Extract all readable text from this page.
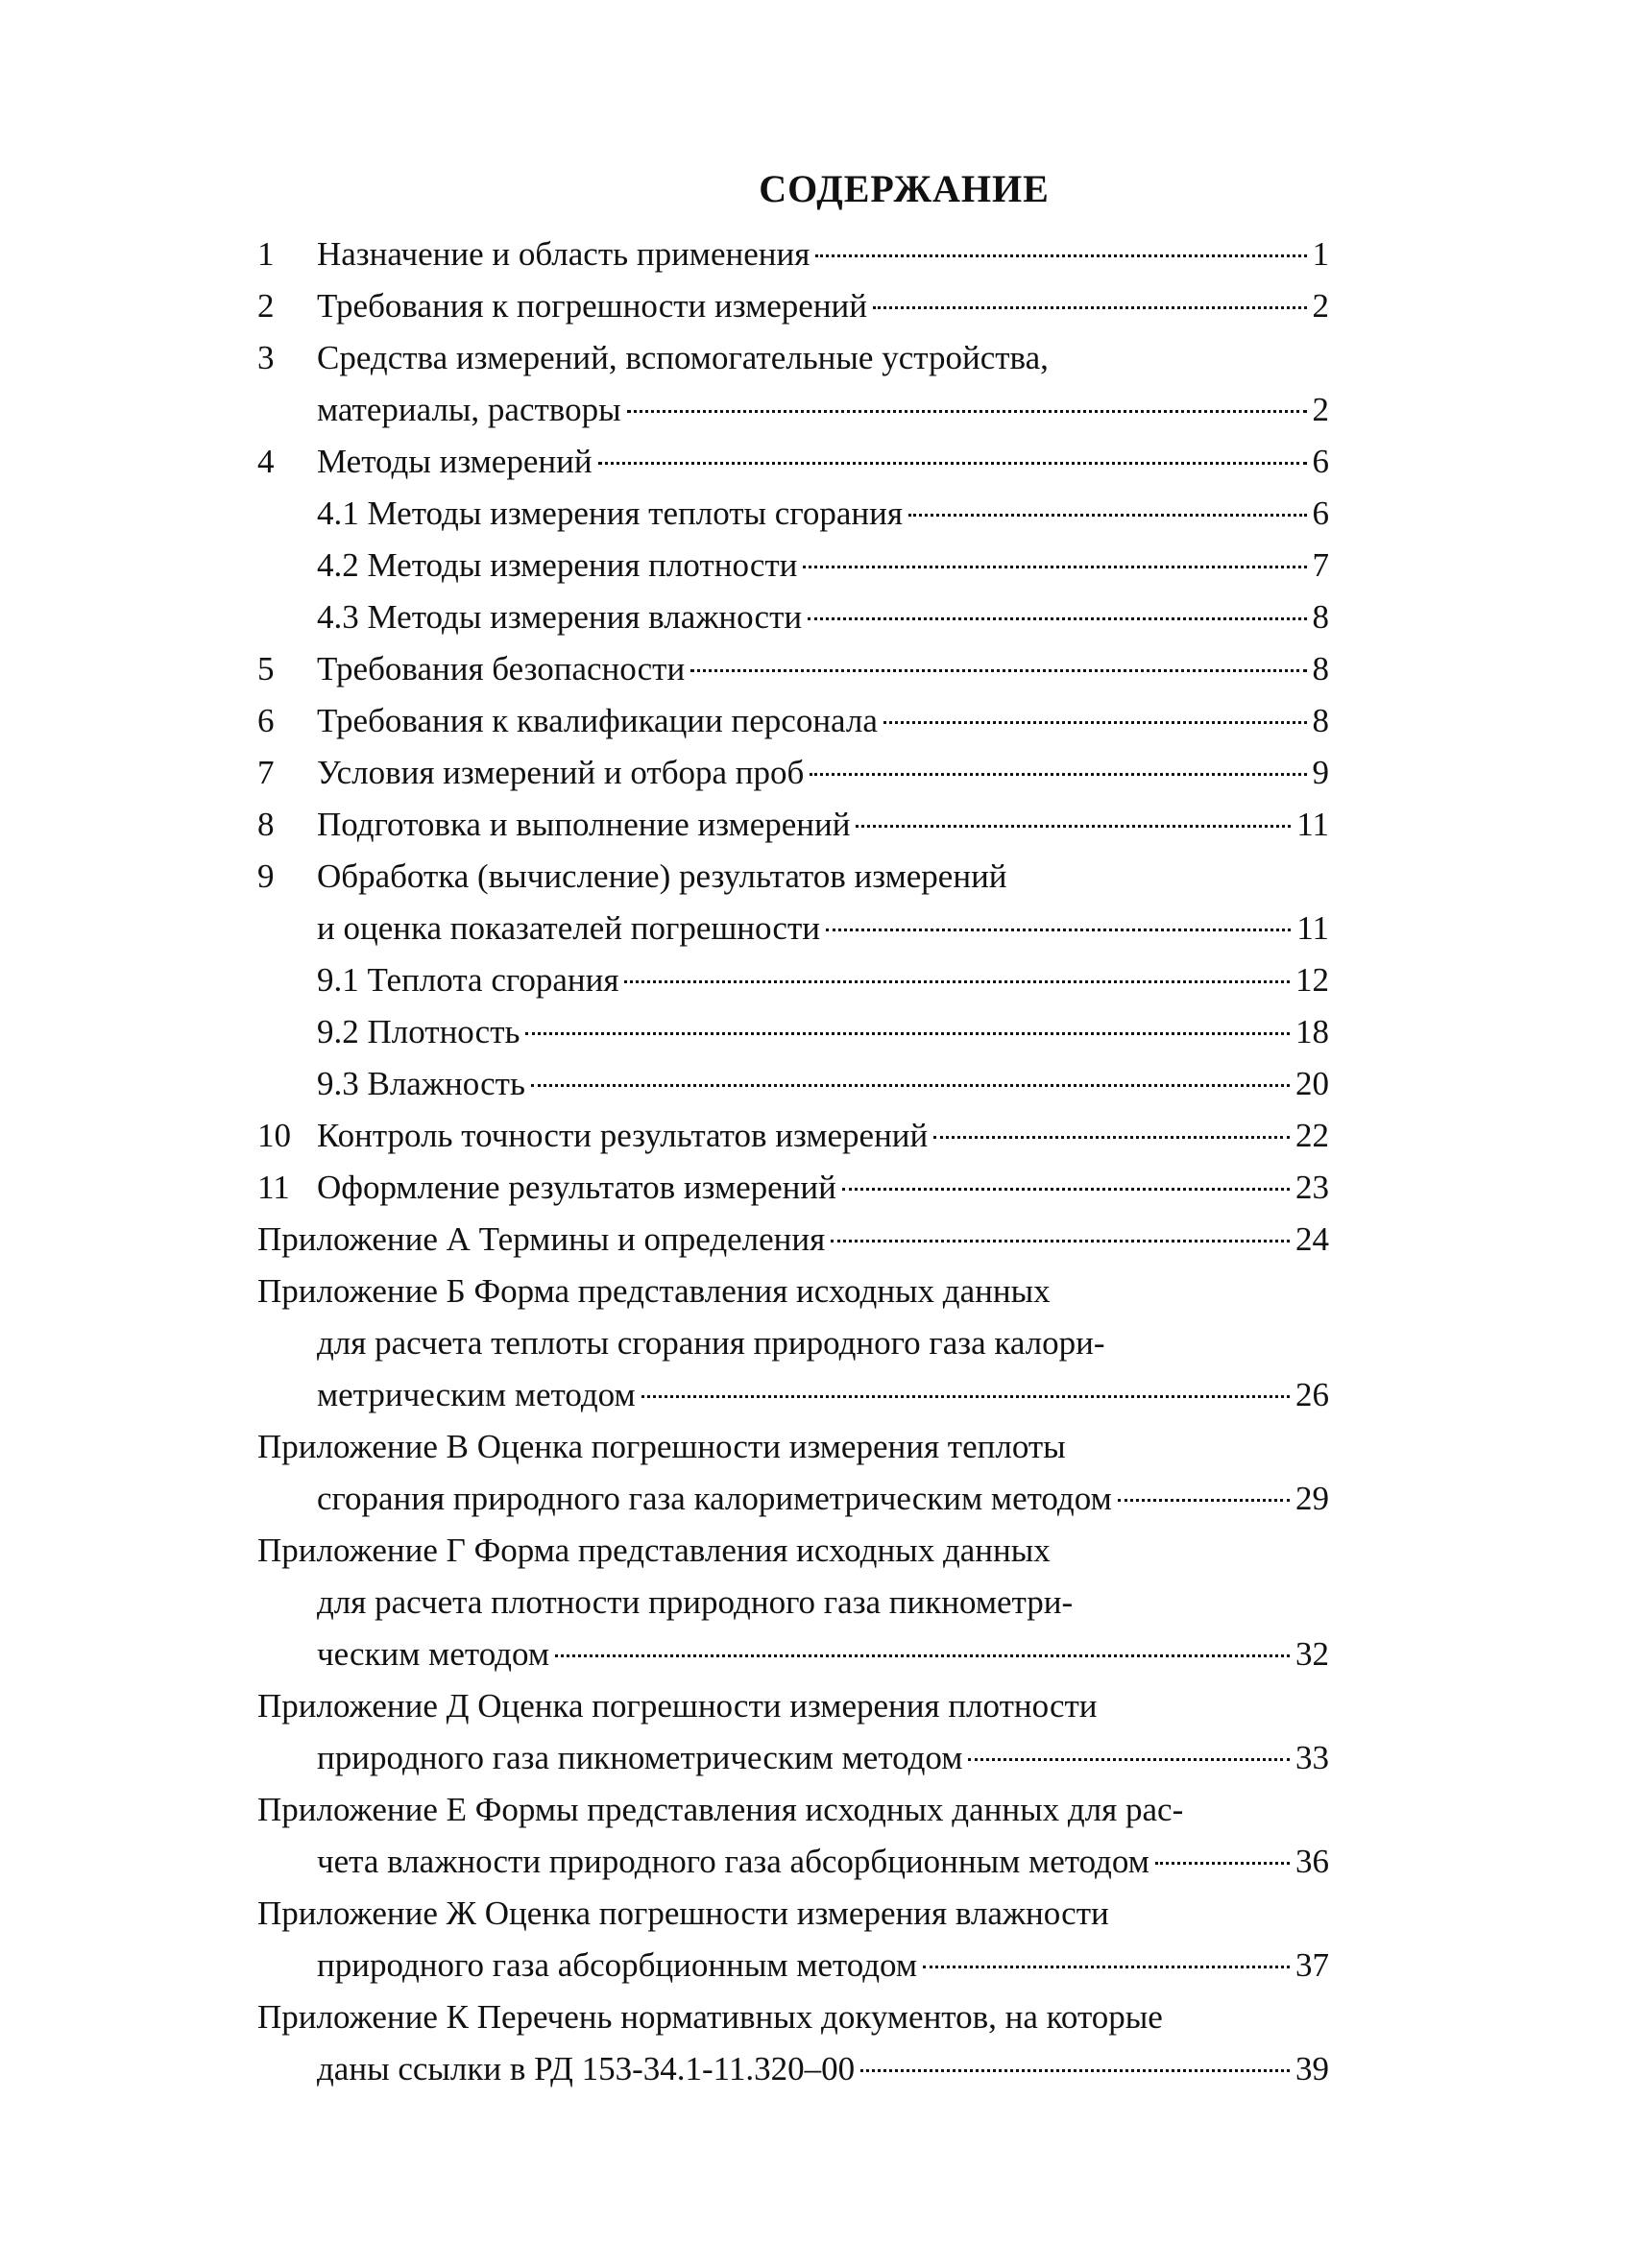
СОДЕРЖАНИЕ
1	Назначение и область применения	1
2	Требования к погрешности измерений	2
3	Средства измерений, вспомогательные устройства,
материалы, растворы	2
4	Методы измерений	6
4.1 Методы измерения теплоты сгорания	6
4.2 Методы измерения плотности	7
4.3 Методы измерения влажности	8
5	Требования безопасности	8
6	Требования к квалификации персонала	8
7	Условия измерений и отбора проб	9
8	Подготовка и выполнение измерений	11
9	Обработка (вычисление) результатов измерений
и оценка показателей погрешности	11
9.1 Теплота сгорания	12
9.2 Плотность	18
9.3 Влажность	20
10 Контроль точности результатов измерений	22
11 Оформление результатов измерений	23
Приложение А Термины и определения	24
Приложение Б Форма представления исходных данных
для расчета теплоты сгорания природного газа калори-
метрическим методом	26
Приложение В Оценка погрешности измерения теплоты
сгорания природного газа калориметрическим методом	29
Приложение Г Форма представления исходных данных
для расчета плотности природного газа пикнометри-
ческим методом	32
Приложение Д Оценка погрешности измерения плотности
природного газа пикнометрическим методом	33
Приложение Е Формы представления исходных данных для рас-
чета влажности природного газа абсорбционным методом	36
Приложение Ж Оценка погрешности измерения влажности
природного газа абсорбционным методом	37
Приложение К Перечень нормативных документов, на которые
даны ссылки в РД 153-34.1-11.320–00	39
